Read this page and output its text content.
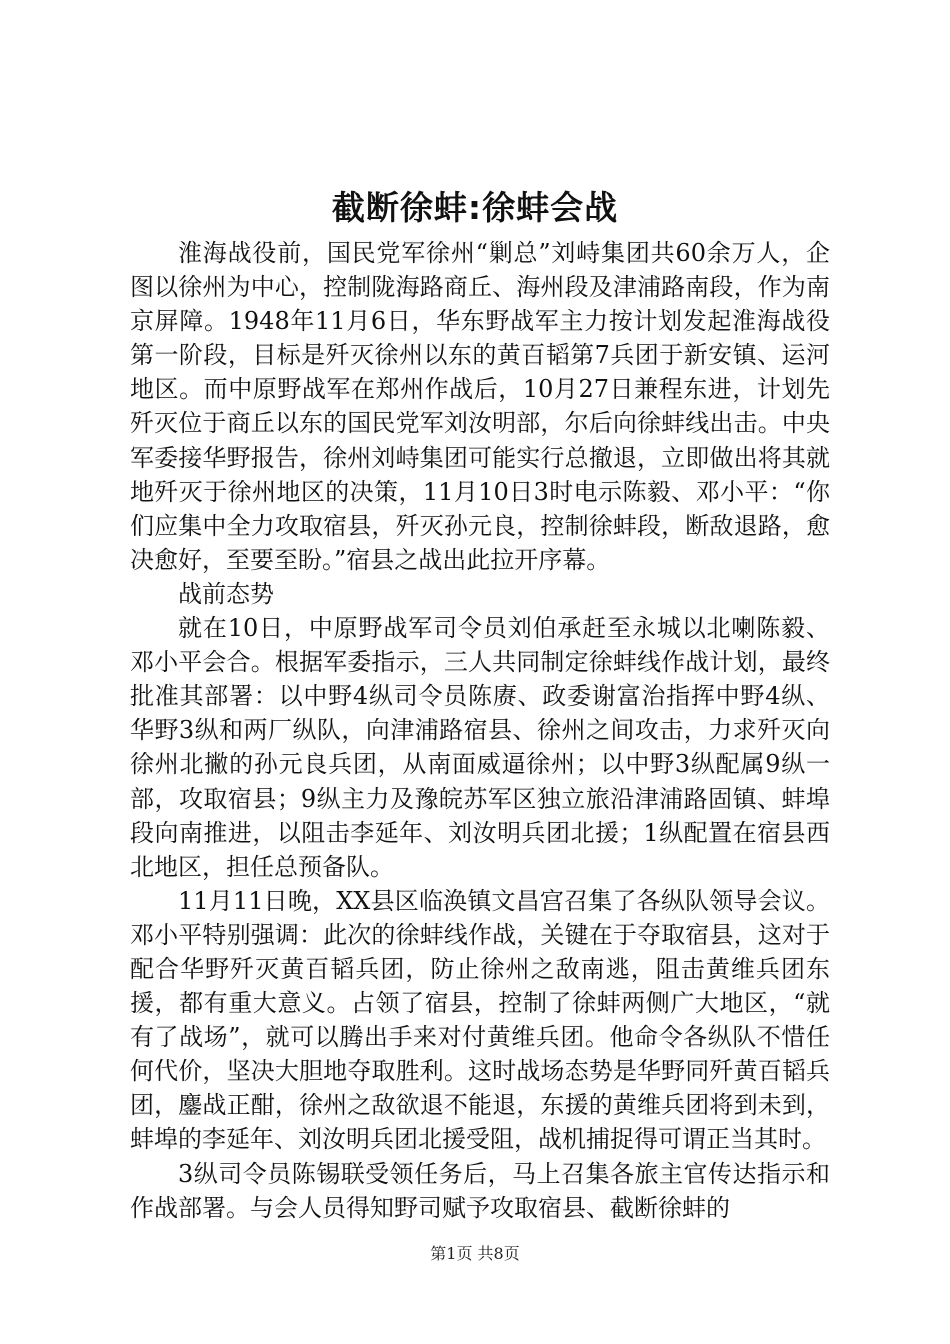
截断徐蚌:徐蚌会战

淮海战役前，国民党军徐州“剿总”刘峙集团共60余万人，企图以徐州为中心，控制陇海路商丘、海州段及津浦路南段，作为南京屏障。1948年11月6日，华东野战军主力按计划发起淮海战役第一阶段，目标是歼灭徐州以东的黄百韬第7兵团于新安镇、运河地区。而中原野战军在郑州作战后，10月27日兼程东进，计划先歼灭位于商丘以东的国民党军刘汝明部，尔后向徐蚌线出击。中央军委接华野报告，徐州刘峙集团可能实行总撤退，立即做出将其就地歼灭于徐州地区的决策，11月10日3时电示陈毅、邓小平：“你们应集中全力攻取宿县，歼灭孙元良，控制徐蚌段，断敌退路，愈决愈好，至要至盼。”宿县之战出此拉开序幕。

战前态势

就在10日，中原野战军司令员刘伯承赶至永城以北喇陈毅、邓小平会合。根据军委指示，三人共同制定徐蚌线作战计划，最终批准其部署：以中野4纵司令员陈赓、政委谢富治指挥中野4纵、华野3纵和两厂纵队，向津浦路宿县、徐州之间攻击，力求歼灭向徐州北撇的孙元良兵团，从南面威逼徐州；以中野3纵配属9纵一部，攻取宿县；9纵主力及豫皖苏军区独立旅沿津浦路固镇、蚌埠段向南推进，以阻击李延年、刘汝明兵团北援；1纵配置在宿县西北地区，担任总预备队。

11月11日晚，XX县区临涣镇文昌宫召集了各纵队领导会议。邓小平特别强调：此次的徐蚌线作战，关键在于夺取宿县，这对于配合华野歼灭黄百韬兵团，防止徐州之敌南逃，阻击黄维兵团东援，都有重大意义。占领了宿县，控制了徐蚌两侧广大地区，“就有了战场”，就可以腾出手来对付黄维兵团。他命令各纵队不惜任何代价，坚决大胆地夺取胜利。这时战场态势是华野同歼黄百韬兵团，鏖战正酣，徐州之敌欲退不能退，东援的黄维兵团将到未到，蚌埠的李延年、刘汝明兵团北援受阻，战机捕捉得可谓正当其时。

3纵司令员陈锡联受领任务后，马上召集各旅主官传达指示和作战部署。与会人员得知野司赋予攻取宿县、截断徐蚌的

第1页 共8页
